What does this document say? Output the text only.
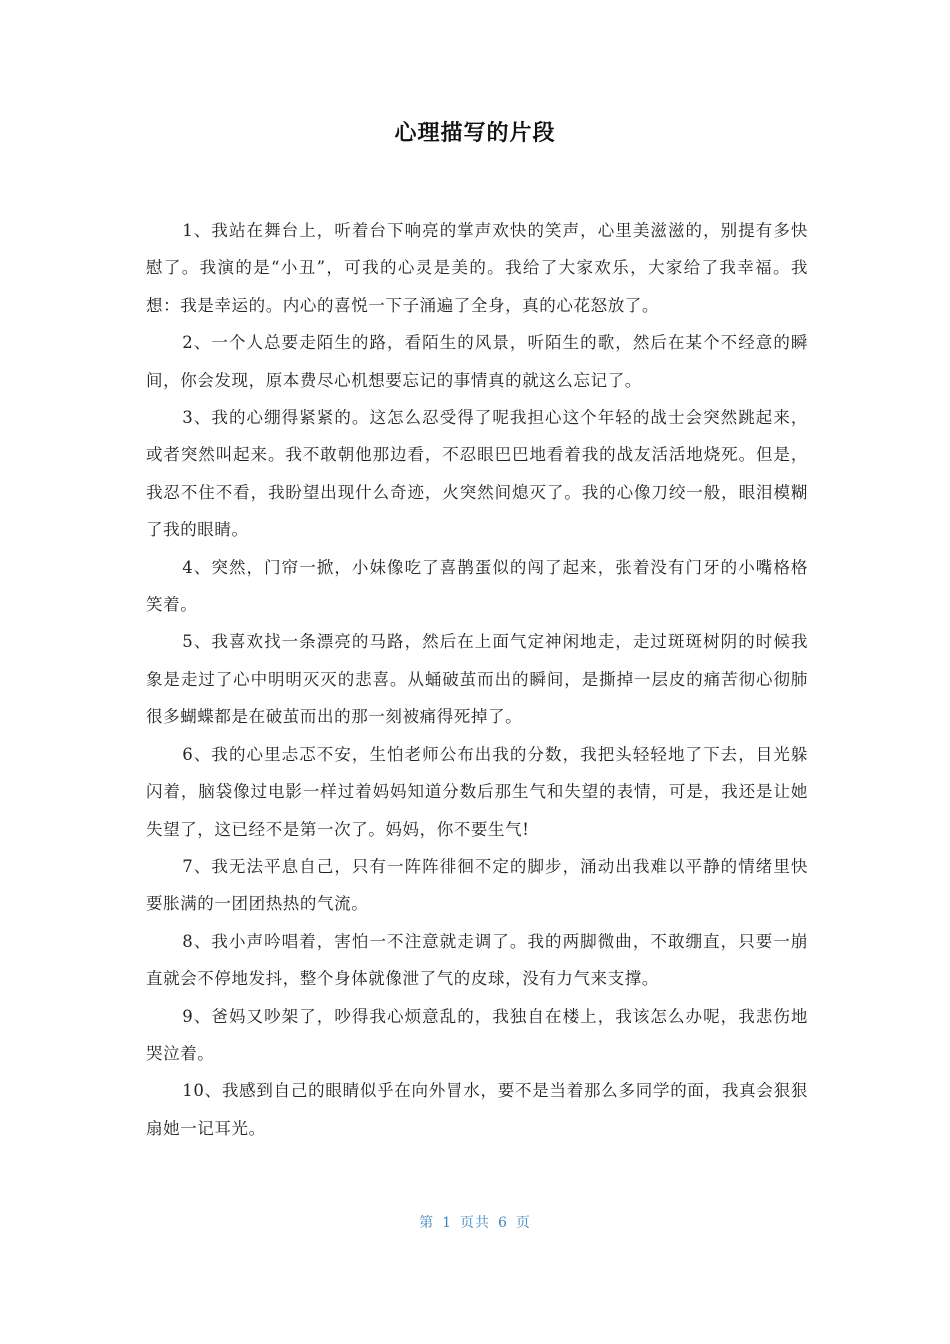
心理描写的片段

1、我站在舞台上，听着台下响亮的掌声欢快的笑声，心里美滋滋的，别提有多快慰了。我演的是“小丑”，可我的心灵是美的。我给了大家欢乐，大家给了我幸福。我想：我是幸运的。内心的喜悦一下子涌遍了全身，真的心花怒放了。

2、一个人总要走陌生的路，看陌生的风景，听陌生的歌，然后在某个不经意的瞬间，你会发现，原本费尽心机想要忘记的事情真的就这么忘记了。

3、我的心绷得紧紧的。这怎么忍受得了呢我担心这个年轻的战士会突然跳起来，或者突然叫起来。我不敢朝他那边看，不忍眼巴巴地看着我的战友活活地烧死。但是，我忍不住不看，我盼望出现什么奇迹，火突然间熄灭了。我的心像刀绞一般，眼泪模糊了我的眼睛。

4、突然，门帘一掀，小妹像吃了喜鹊蛋似的闯了起来，张着没有门牙的小嘴格格笑着。

5、我喜欢找一条漂亮的马路，然后在上面气定神闲地走，走过斑斑树阴的时候我象是走过了心中明明灭灭的悲喜。从蛹破茧而出的瞬间，是撕掉一层皮的痛苦彻心彻肺很多蝴蝶都是在破茧而出的那一刻被痛得死掉了。

6、我的心里忐忑不安，生怕老师公布出我的分数，我把头轻轻地了下去，目光躲闪着，脑袋像过电影一样过着妈妈知道分数后那生气和失望的表情，可是，我还是让她失望了，这已经不是第一次了。妈妈，你不要生气!

7、我无法平息自己，只有一阵阵徘徊不定的脚步，涌动出我难以平静的情绪里快要胀满的一团团热热的气流。

8、我小声吟唱着，害怕一不注意就走调了。我的两脚微曲，不敢绷直，只要一崩直就会不停地发抖，整个身体就像泄了气的皮球，没有力气来支撑。

9、爸妈又吵架了，吵得我心烦意乱的，我独自在楼上，我该怎么办呢，我悲伤地哭泣着。

10、我感到自己的眼睛似乎在向外冒水，要不是当着那么多同学的面，我真会狠狠扇她一记耳光。

第 1 页共 6 页
